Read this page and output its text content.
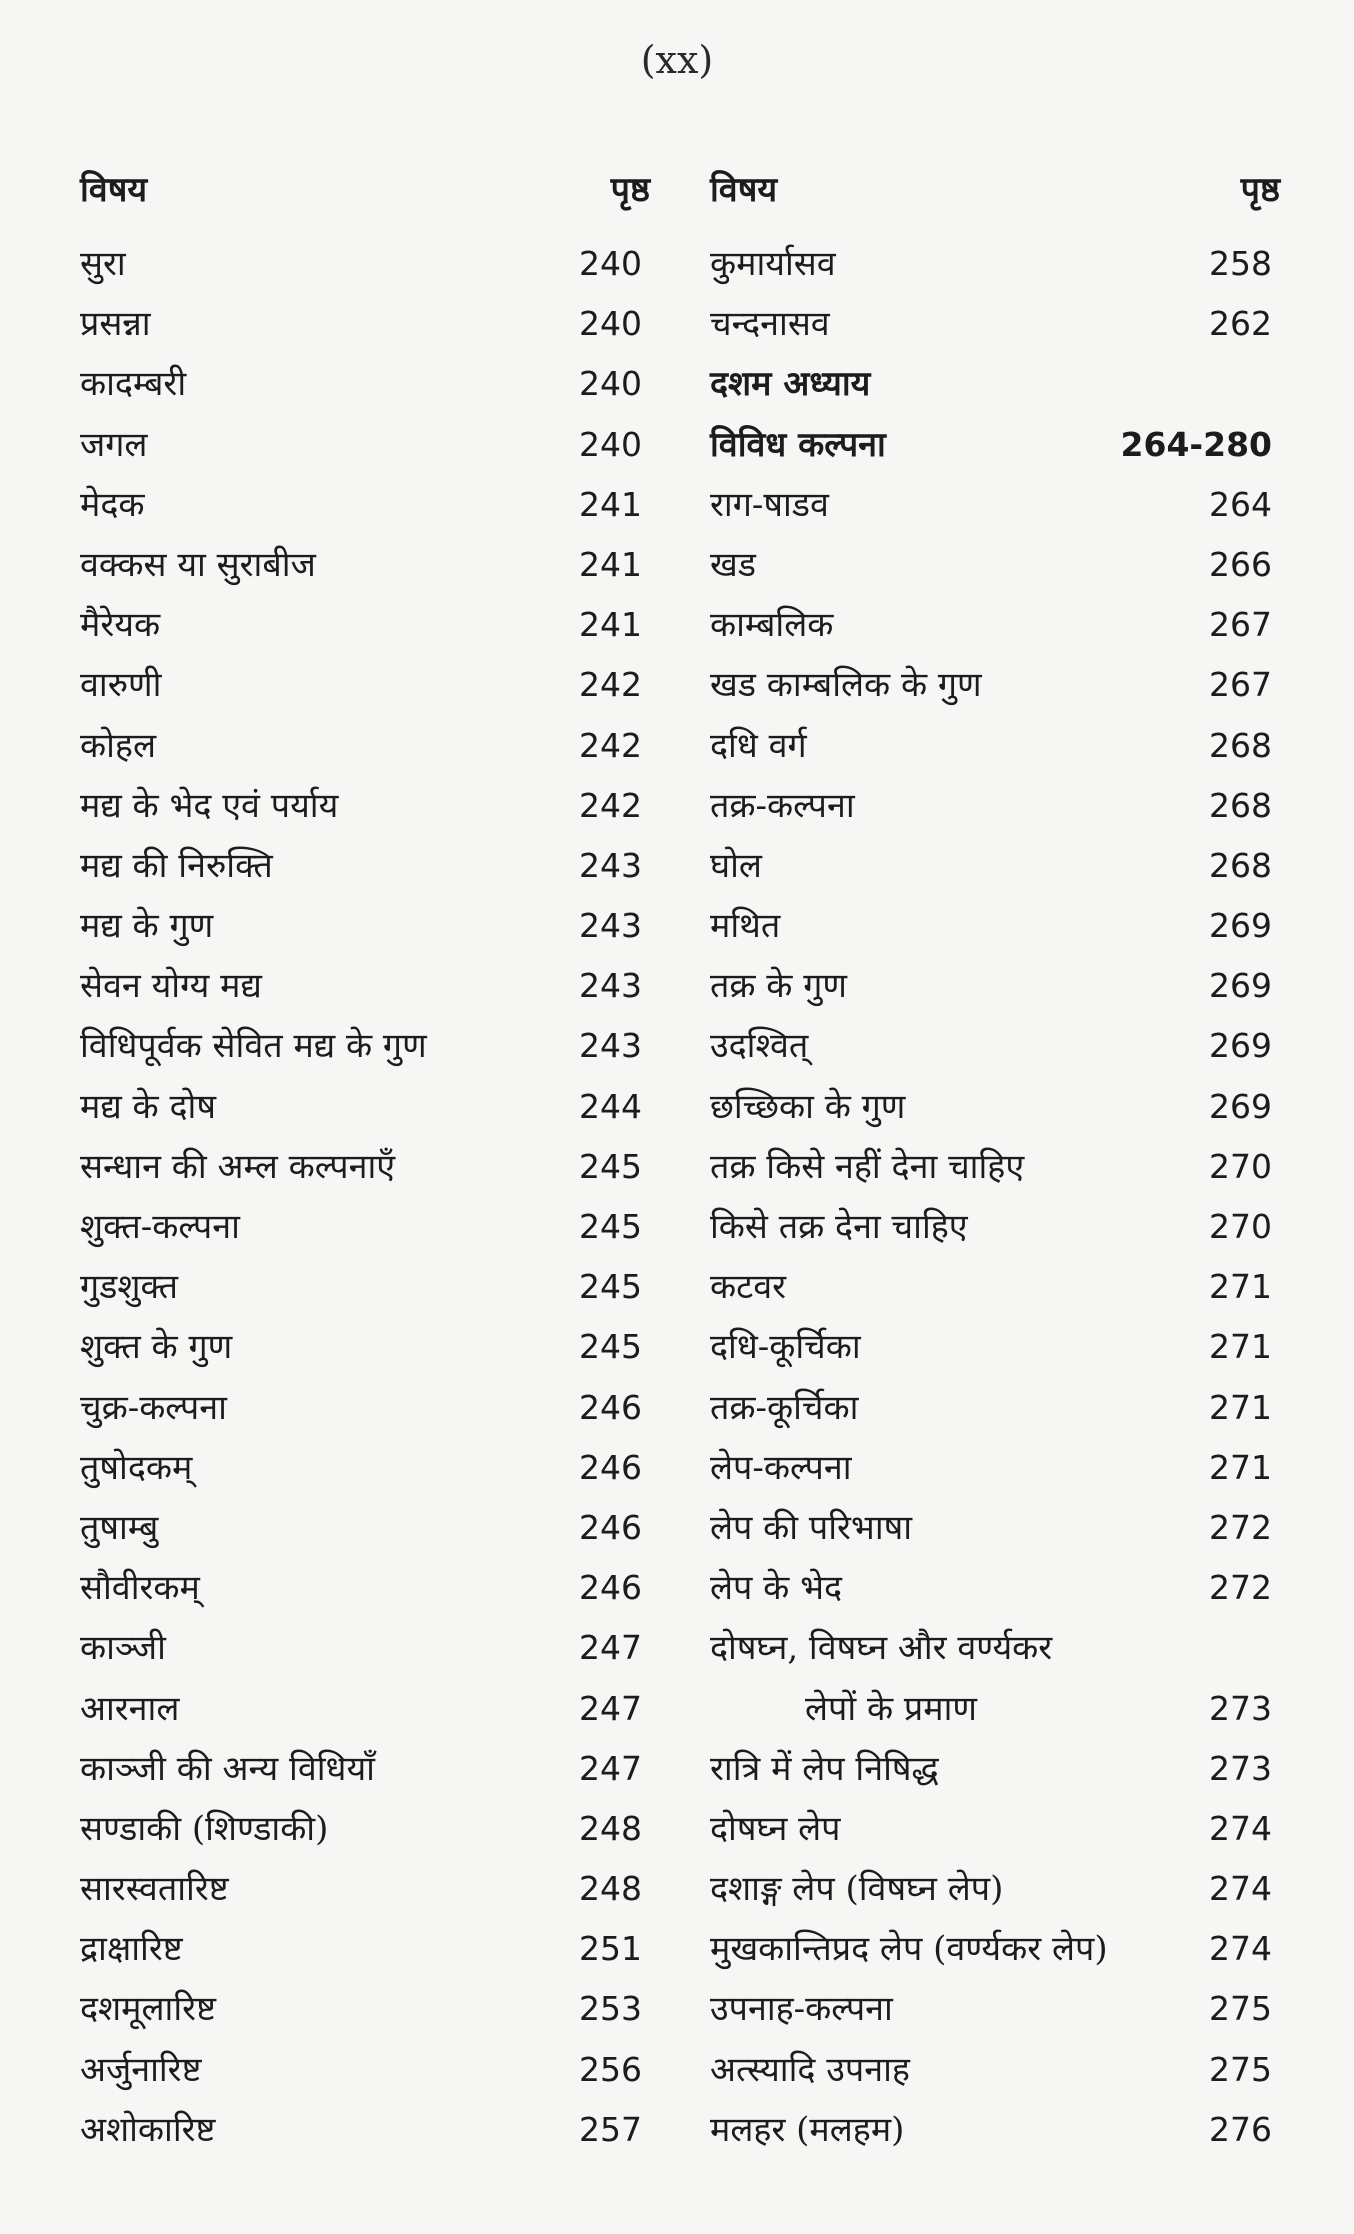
(xx)
विषय	पृष्ठ
सुरा	240
प्रसन्ना	240
कादम्बरी	240
जगल	240
मेदक	241
वक्कस या सुराबीज	241
मैरेयक	241
वारुणी	242
कोहल	242
मद्य के भेद एवं पर्याय	242
मद्य की निरुक्ति	243
मद्य के गुण	243
सेवन योग्य मद्य	243
विधिपूर्वक सेवित मद्य के गुण	243
मद्य के दोष	244
सन्धान की अम्ल कल्पनाएँ	245
शुक्त-कल्पना	245
गुडशुक्त	245
शुक्त के गुण	245
चुक्र-कल्पना	246
तुषोदकम्	246
तुषाम्बु	246
सौवीरकम्	246
काञ्जी	247
आरनाल	247
काञ्जी की अन्य विधियाँ	247
सण्डाकी (शिण्डाकी)	248
सारस्वतारिष्ट	248
द्राक्षारिष्ट	251
दशमूलारिष्ट	253
अर्जुनारिष्ट	256
अशोकारिष्ट	257
विषय	पृष्ठ
कुमार्यासव	258
चन्दनासव	262
दशम अध्याय
विविध कल्पना	264-280
राग-षाडव	264
खड	266
काम्बलिक	267
खड काम्बलिक के गुण	267
दधि वर्ग	268
तक्र-कल्पना	268
घोल	268
मथित	269
तक्र के गुण	269
उदश्वित्	269
छच्छिका के गुण	269
तक्र किसे नहीं देना चाहिए	270
किसे तक्र देना चाहिए	270
कटवर	271
दधि-कूर्चिका	271
तक्र-कूर्चिका	271
लेप-कल्पना	271
लेप की परिभाषा	272
लेप के भेद	272
दोषघ्न, विषघ्न और वर्ण्यकर
लेपों के प्रमाण	273
रात्रि में लेप निषिद्ध	273
दोषघ्न लेप	274
दशाङ्ग लेप (विषघ्न लेप)	274
मुखकान्तिप्रद लेप (वर्ण्यकर लेप)	274
उपनाह-कल्पना	275
अत्स्यादि उपनाह	275
मलहर (मलहम)	276
